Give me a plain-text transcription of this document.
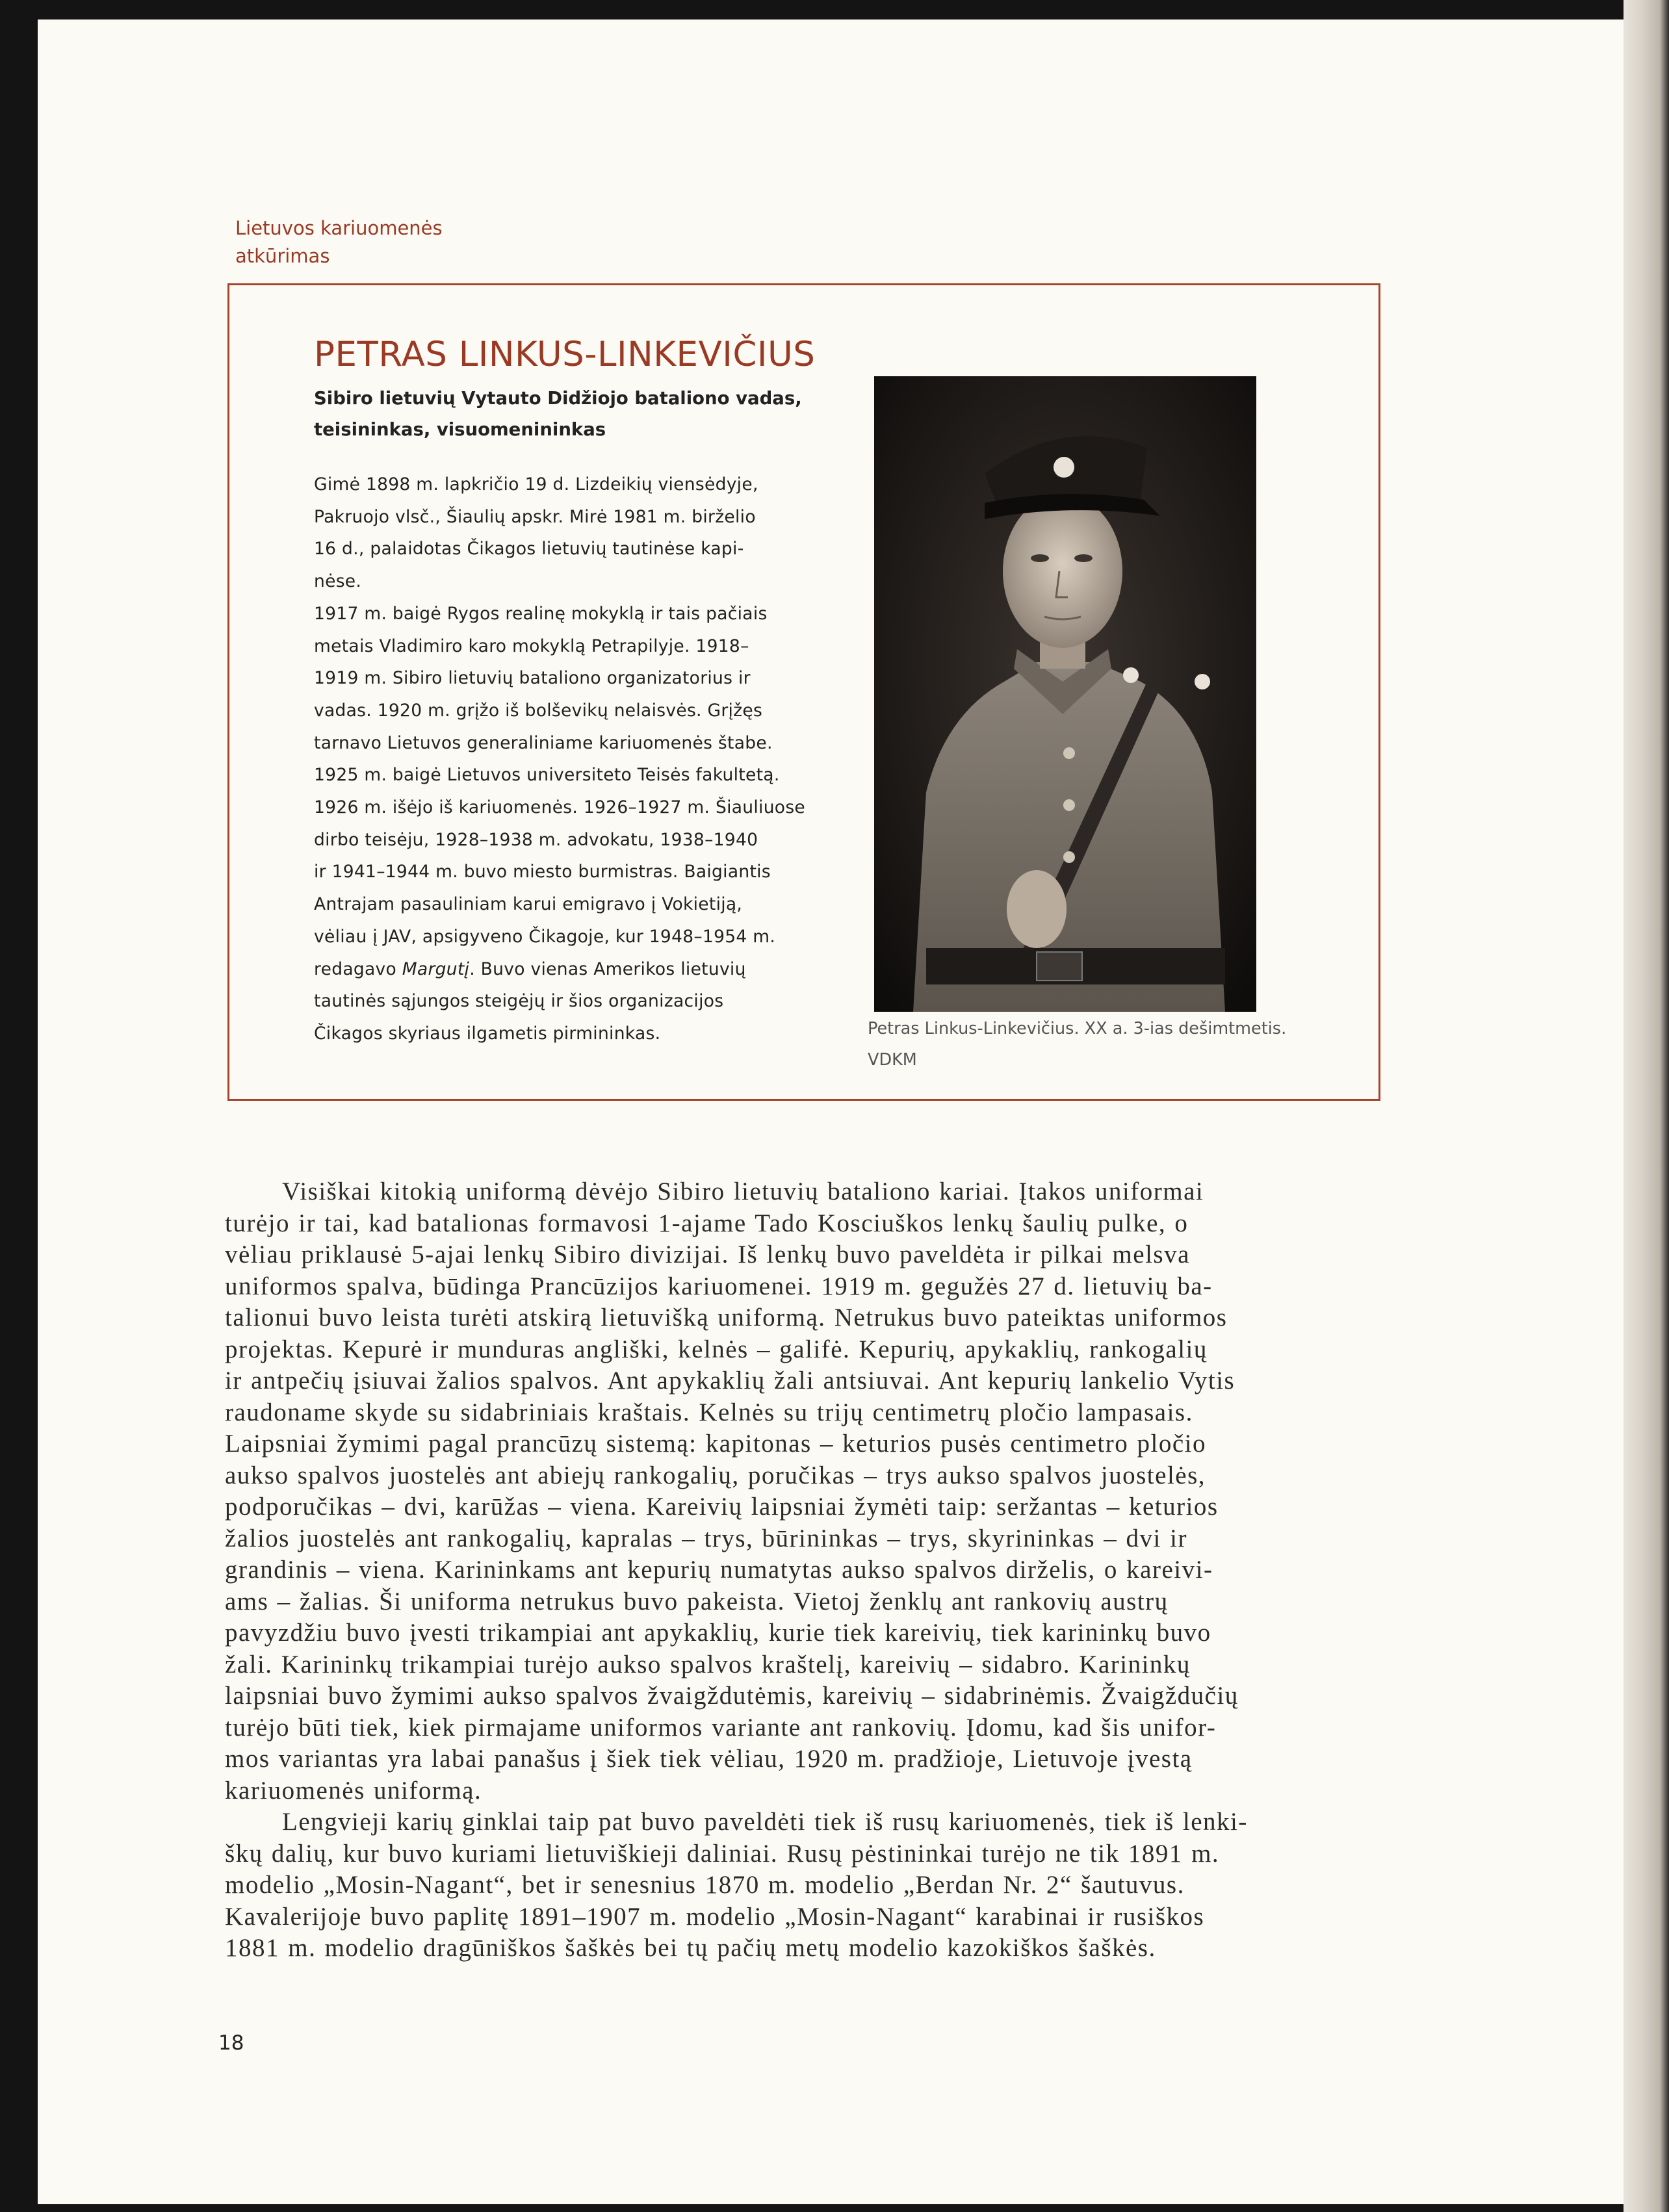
Lietuvos kariuomenės
atkūrimas
PETRAS LINKUS-LINKEVIČIUS
Sibiro lietuvių Vytauto Didžiojo bataliono vadas, teisininkas, visuomenininkas
Gimė 1898 m. lapkričio 19 d. Lizdeikių viensėdyje,
Pakruojo vlsč., Šiaulių apskr. Mirė 1981 m. birželio
16 d., palaidotas Čikagos lietuvių tautinėse kapi-
nėse.
1917 m. baigė Rygos realinę mokyklą ir tais pačiais
metais Vladimiro karo mokyklą Petrapilyje. 1918–
1919 m. Sibiro lietuvių bataliono organizatorius ir
vadas. 1920 m. grįžo iš bolševikų nelaisvės. Grįžęs
tarnavo Lietuvos generaliniame kariuomenės štabe.
1925 m. baigė Lietuvos universiteto Teisės fakultetą.
1926 m. išėjo iš kariuomenės. 1926–1927 m. Šiauliuose
dirbo teisėju, 1928–1938 m. advokatu, 1938–1940
ir 1941–1944 m. buvo miesto burmistras. Baigiantis
Antrajam pasauliniam karui emigravo į Vokietiją,
vėliau į JAV, apsigyveno Čikagoje, kur 1948–1954 m.
redagavo Margutį. Buvo vienas Amerikos lietuvių
tautinės sąjungos steigėjų ir šios organizacijos
Čikagos skyriaus ilgametis pirmininkas.	Petras Linkus-Linkevičius. XX a. 3-ias dešimtmetis.
VDKM
Visiškai kitokią uniformą dėvėjo Sibiro lietuvių bataliono kariai. Įtakos uniformai
turėjo ir tai, kad batalionas formavosi 1-ajame Tado Kosciuškos lenkų šaulių pulke, o
vėliau priklausė 5-ajai lenkų Sibiro divizijai. Iš lenkų buvo paveldėta ir pilkai melsva
uniformos spalva, būdinga Prancūzijos kariuomenei. 1919 m. gegužės 27 d. lietuvių ba-
talionui buvo leista turėti atskirą lietuvišką uniformą. Netrukus buvo pateiktas uniformos
projektas. Kepurė ir munduras angliški, kelnės – galifė. Kepurių, apykaklių, rankogalių
ir antpečių įsiuvai žalios spalvos. Ant apykaklių žali antsiuvai. Ant kepurių lankelio Vytis
raudoname skyde su sidabriniais kraštais. Kelnės su trijų centimetrų pločio lampasais.
Laipsniai žymimi pagal prancūzų sistemą: kapitonas – keturios pusės centimetro pločio
aukso spalvos juostelės ant abiejų rankogalių, poručikas – trys aukso spalvos juostelės,
podporučikas – dvi, karūžas – viena. Kareivių laipsniai žymėti taip: seržantas – keturios
žalios juostelės ant rankogalių, kapralas – trys, būrininkas – trys, skyrininkas – dvi ir
grandinis – viena. Karininkams ant kepurių numatytas aukso spalvos dirželis, o kareivi-
ams – žalias. Ši uniforma netrukus buvo pakeista. Vietoj ženklų ant rankovių austrų
pavyzdžiu buvo įvesti trikampiai ant apykaklių, kurie tiek kareivių, tiek karininkų buvo
žali. Karininkų trikampiai turėjo aukso spalvos kraštelį, kareivių – sidabro. Karininkų
laipsniai buvo žymimi aukso spalvos žvaigždutėmis, kareivių – sidabrinėmis. Žvaigždučių
turėjo būti tiek, kiek pirmajame uniformos variante ant rankovių. Įdomu, kad šis unifor-
mos variantas yra labai panašus į šiek tiek vėliau, 1920 m. pradžioje, Lietuvoje įvestą
kariuomenės uniformą.
Lengvieji karių ginklai taip pat buvo paveldėti tiek iš rusų kariuomenės, tiek iš lenki-
škų dalių, kur buvo kuriami lietuviškieji daliniai. Rusų pėstininkai turėjo ne tik 1891 m.
modelio „Mosin-Nagant“, bet ir senesnius 1870 m. modelio „Berdan Nr. 2“ šautuvus.
Kavalerijoje buvo paplitę 1891–1907 m. modelio „Mosin-Nagant“ karabinai ir rusiškos
1881 m. modelio dragūniškos šaškės bei tų pačių metų modelio kazokiškos šaškės.
18
